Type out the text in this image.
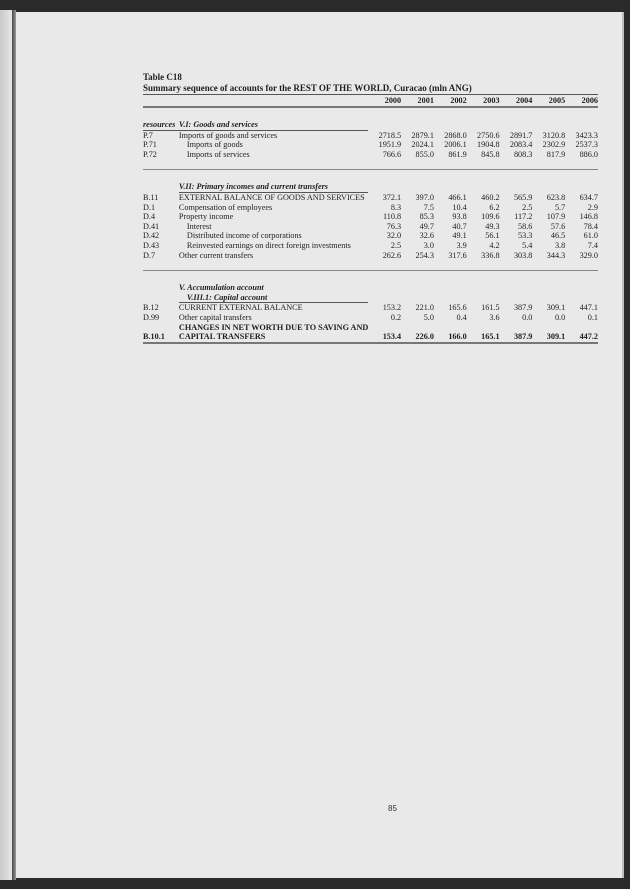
Table C18
Summary sequence of accounts for the REST OF THE WORLD, Curacao (mln ANG)
		2000	2001	2002	2003	2004	2005	2006

resources	V.I: Goods and services							
P.7	Imports of goods and services	2718.5	2879.1	2868.0	2750.6	2891.7	3120.8	3423.3
P.71	Imports of goods	1951.9	2024.1	2006.1	1904.8	2083.4	2302.9	2537.3
P.72	Imports of services	766.6	855.0	861.9	845.8	808.3	817.9	886.0

	V.II: Primary incomes and current transfers							
B.11	EXTERNAL BALANCE OF GOODS AND SERVICES	372.1	397.0	466.1	460.2	565.9	623.8	634.7
D.1	Compensation of employees	8.3	7.5	10.4	6.2	2.5	5.7	2.9
D.4	Property income	110.8	85.3	93.8	109.6	117.2	107.9	146.8
D.41	Interest	76.3	49.7	40.7	49.3	58.6	57.6	78.4
D.42	Distributed income of corporations	32.0	32.6	49.1	56.1	53.3	46.5	61.0
D.43	Reinvested earnings on direct foreign investments	2.5	3.0	3.9	4.2	5.4	3.8	7.4
D.7	Other current transfers	262.6	254.3	317.6	336.8	303.8	344.3	329.0

	V. Accumulation account							
	V.III.1: Capital account							
B.12	CURRENT EXTERNAL BALANCE	153.2	221.0	165.6	161.5	387.9	309.1	447.1
D.99	Other capital transfers	0.2	5.0	0.4	3.6	0.0	0.0	0.1
	CHANGES IN NET WORTH DUE TO SAVING AND							
B.10.1	CAPITAL TRANSFERS	153.4	226.0	166.0	165.1	387.9	309.1	447.2
85
